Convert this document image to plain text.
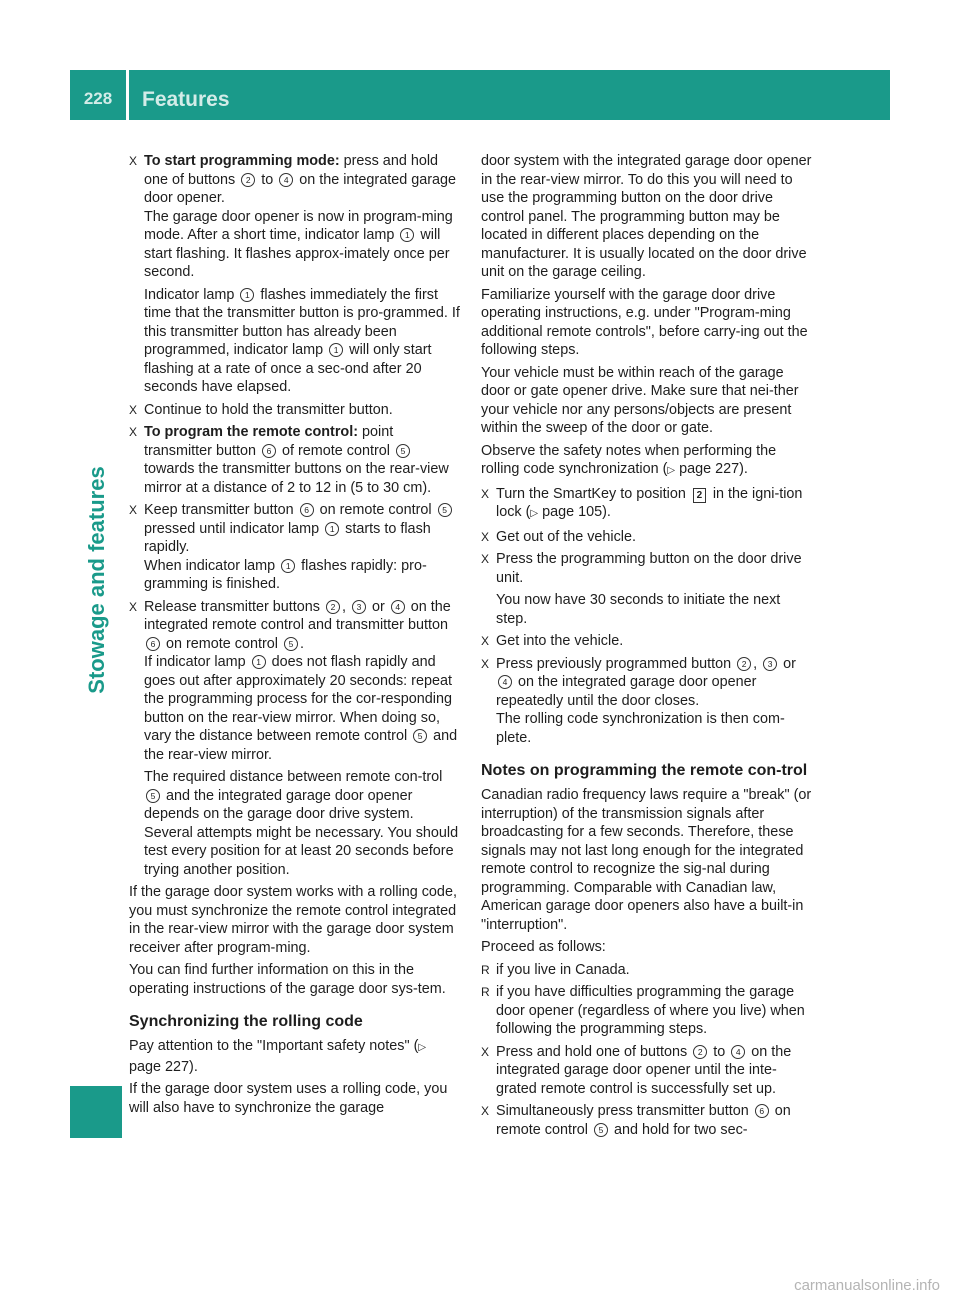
228	Features
Stowage and features
X To start programming mode: press and hold one of buttons 2 to 4 on the integrated garage door opener.
The garage door opener is now in program-ming mode. After a short time, indicator lamp 1 will start flashing. It flashes approx-imately once per second.
Indicator lamp 1 flashes immediately the first time that the transmitter button is pro-grammed. If this transmitter button has already been programmed, indicator lamp 1 will only start flashing at a rate of once a sec-ond after 20 seconds have elapsed.
X Continue to hold the transmitter button.
X To program the remote control: point transmitter button 6 of remote control 5 towards the transmitter buttons on the rear-view mirror at a distance of 2 to 12 in (5 to 30 cm).
X Keep transmitter button 6 on remote control 5 pressed until indicator lamp 1 starts to flash rapidly.
When indicator lamp 1 flashes rapidly: pro-gramming is finished.
X Release transmitter buttons 2 , 3 or 4 on the integrated remote control and transmitter button 6 on remote control 5 .
If indicator lamp 1 does not flash rapidly and goes out after approximately 20 seconds: repeat the programming process for the cor-responding button on the rear-view mirror. When doing so, vary the distance between remote control 5 and the rear-view mirror.
The required distance between remote con-trol 5 and the integrated garage door opener depends on the garage door drive system. Several attempts might be necessary. You should test every position for at least 20 seconds before trying another position.

If the garage door system works with a rolling code, you must synchronize the remote control integrated in the rear-view mirror with the garage door system receiver after program-ming.

You can find further information on this in the operating instructions of the garage door sys-tem.

Synchronizing the rolling code

Pay attention to the "Important safety notes" (▷ page 227).

If the garage door system uses a rolling code, you will also have to synchronize the garage

door system with the integrated garage door opener in the rear-view mirror. To do this you will need to use the programming button on the door drive control panel. The programming button may be located in different places depending on the manufacturer. It is usually located on the door drive unit on the garage ceiling.

Familiarize yourself with the garage door drive operating instructions, e.g. under "Program-ming additional remote controls", before carry-ing out the following steps.

Your vehicle must be within reach of the garage door or gate opener drive. Make sure that nei-ther your vehicle nor any persons/objects are present within the sweep of the door or gate.

Observe the safety notes when performing the rolling code synchronization (▷ page 227).

X Turn the SmartKey to position 2 in the igni-tion lock (▷ page 105).
X Get out of the vehicle.
X Press the programming button on the door drive unit.
You now have 30 seconds to initiate the next step.
X Get into the vehicle.
X Press previously programmed button 2 , 3 or 4 on the integrated garage door opener repeatedly until the door closes.
The rolling code synchronization is then com-plete.
Notes on programming the remote con-trol

Canadian radio frequency laws require a "break" (or interruption) of the transmission signals after broadcasting for a few seconds. Therefore, these signals may not last long enough for the integrated remote control to recognize the sig-nal during programming. Comparable with Canadian law, American garage door openers also have a built-in "interruption".

Proceed as follows:

R if you live in Canada.
R if you have difficulties programming the garage door opener (regardless of where you live) when following the programming steps.
X Press and hold one of buttons 2 to 4 on the integrated garage door opener until the inte-grated remote control is successfully set up.
X Simultaneously press transmitter button 6 on remote control 5 and hold for two sec-
carmanualsonline.info
